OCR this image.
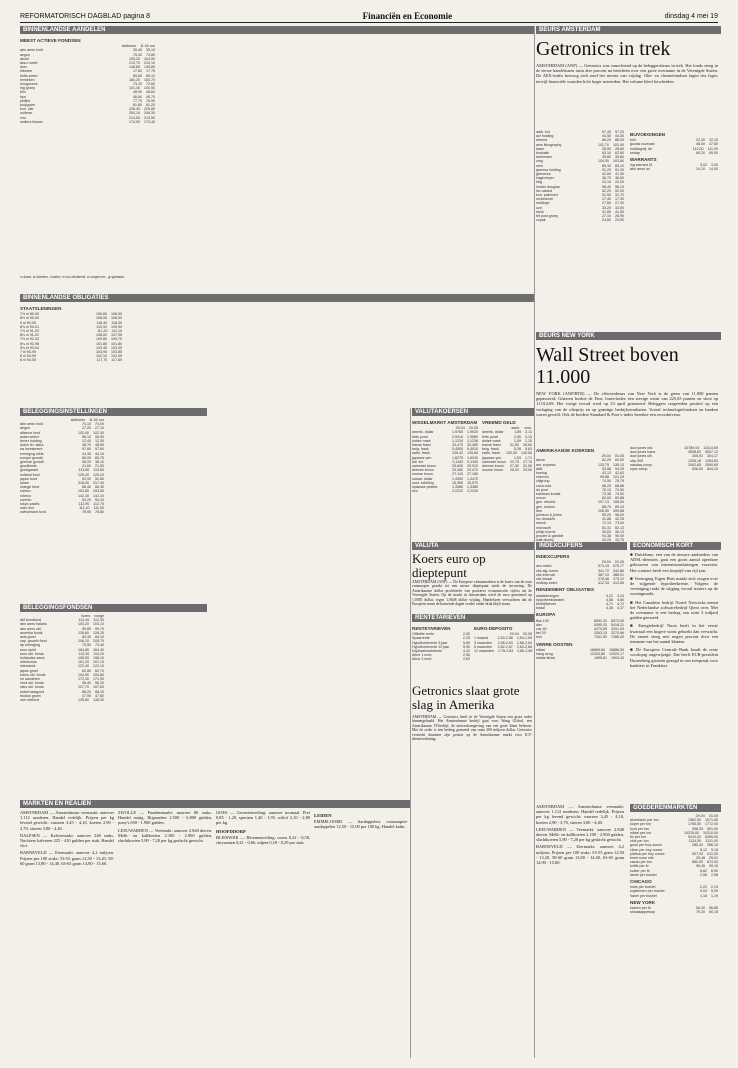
REFORMATORISCH DAGBLAD pagina 8	Financiën en Economie	dinsdag 4 mei 19
BINNENLANDSE AANDELEN
MEEST ACTIEVE FONDSEN
slotkoers 11.00 uur
abn amro hold	35,40 35,10
aegon	75,30 74,80
ahold	105,20 104,90
akzo nobel	210,70 210,10
dsm	146,60 145,80
elsevier	17,82 17,75
fortis amev	89,80 89,10
heineken	184,20 183,70
hoogovens	73,10 72,60
ing groep	101,40 100,90
klm	48,90 48,60
kpn	46,80 46,70
philips	77,70 76,90
polygram	81,60 81,20
kon. olie	226,40 225,80
unilever	250,10 249,30
vnu	214,50 213,90
wolters kluwer	174,00 173,40
x=kare, b=bieden, l=laten, e=ex-dividend, o=ongecorr., g=gedaan.
BINNENLANDSE OBLIGATIES
STAATSLENINGEN
7½ nl 89-00	106,60 106,50
8½ nl 90-00	108,95 108,90
9 nl 90-05	118,40 118,30
8¾ nl 90-01	110,00 109,90
7¾ nl 91-03	111,20 111,10
8¼ nl 91-01	108,00 107,95
7½ nl 92-02	109,80 109,70
6¼ nl 93-98	101,85 101,80
5¾ nl 93-04	103,40 103,30
7 nl 93-99	103,90 103,85
6 nl 94-99	102,10 102,05
8 nl 94-05	117,70 117,60
BELEGGINGSINSTELLINGEN
slotkoers 11.00 uur
abn amro hold	74,10 74,00
aegon	27,20 27,10
alliance fund	102,40 102,30
asian select	56,10 55,90
bever holding	12,40 12,30
dutch fin. stars	48,70 48,60
ea investment	97,80 97,60
emerging mkts	44,30 44,10
europe growth	65,90 65,70
german growth	38,20 38,10
goudfonds	21,60 21,50
groeigarant	113,80 113,60
holland fund	125,40 125,20
japan fund	52,90 52,80
obam	318,00 317,40
orange fund	66,40 66,30
rolinco	153,80 153,50
robeco	142,30 142,10
rorento	94,20 94,10
tokyo pacific	112,90 112,70
vast ned	111,10 111,00
zwitserland fund	78,90 78,80
BELEGGINGSFONDSEN
koers vorige
abf bondfund	112,40 112,30
abn amro balans	103,20 103,10
abn amro obl.	99,80 99,70
amerika fonds	128,60 128,20
asia groei	84,30 84,10
cap. growth fund	206,10 205,70
dp emerging	73,50 73,40
euro spirit	164,80 164,40
euro obl. fonds	110,30 110,20
hollandse aand.	198,50 198,10
interbonds	101,20 101,10
interstock	122,40 122,10
japan groei	62,80 62,70
mees obl. fonds	104,90 104,80
nn aandelen	172,30 171,90
ohra obl. fonds	96,40 96,30
rabo obl. fonds	107,70 107,60
snsbf vastgoed	88,20 88,10
triodos groen	47,90 47,80
vsb mixfund	135,60 135,30
MARKTEN EN REALIEN

AMSTERDAM — Amsterdamse veemarkt: aanvoer 1.112 runderen. Handel redelijk. Prijzen per kg levend gewicht: vaarzen 3,45 - 4,10, koeien 2,90 - 3,70, stieren 3,80 - 4,40.

DALFSEN — Kalvermarkt: aanvoer 248 stuks. Nuchtere kalveren 225 - 410 gulden per stuk. Handel vlot.

BARNEVELD — Eiermarkt: aanvoer 4,2 miljoen. Prijzen per 100 stuks: 53-55 gram 12,50 - 13,20, 58-60 gram 13,80 - 14,40, 63-65 gram 14,90 - 15,60.

ZWOLLE — Paardenmarkt: aanvoer 86 stuks. Handel matig. Rijpaarden 2.500 - 6.800 gulden, pony's 650 - 1.900 gulden.

LEEUWARDEN — Veemarkt: aanvoer 2.840 dieren. Melk- en kalfkoeien 2.100 - 2.900 gulden, slachtkoeien 5,80 - 7,20 per kg geslacht gewicht.

GOES — Groentenveiling: aanvoer normaal. Prei 0,85 - 1,20, spruiten 1,40 - 1,95, witlof 2,10 - 2,80 per kg.

HOOFDDORP

BLEISWIJK — Bloemenveiling: rozen 0,32 - 0,58, chrysanten 0,41 - 0,66, tulpen 0,18 - 0,29 per stuk.

LEIDEN

EMMELOORD — Aardappelen: consumptie-aardappelen 12,50 - 15,00 per 100 kg. Handel kalm.

VALUTAKOERSEN
WISSELMARKT AMSTERDAM
29-04 03-05
amerik. dollar	1,9765 1,9920
brits pond	2,9410 2,9580
duitse mark	1,1234 1,1236
franse franc	33,475 33,480
belg. frank	5,4505 5,4510
zwits. frank	135,42 135,60
japanse yen	1,6275 1,6340
ital. lire	0,1162 0,1163
zweedse kroon	25,840 25,910
deense kroon	29,460 29,470
noorse kroon	27,110 27,180
canad. dollar	1,4390 1,4470
oost. schilling	15,969 15,970
spaanse peseta	1,3380 1,3385
ecu	2,2212 2,2230
VREEMD GELD
aank. verk.
amerik. dollar	1,89 2,11
brits pond	2,80 3,13
duitse mark	1,09 1,15
franse franc	31,50 35,50
belg. frank	5,28 5,63
zwits. frank	130,00 140,50
japanse yen	1,53 1,71
zweedse kroon 22,75 27,75
deense kroon	27,50 31,50
noorse kroon	25,00 29,00
VALUTA
Koers euro op dieptepunt
AMSTERDAM (ANP) — De Europese valutamarkten is de koers van de euro vanmorgen gezakt tot een nieuw dieptepunt sinds de invoering. De Amerikaanse dollar profiteerde van positieve economische cijfers uit de Verenigde Staten. Op de markt in Amsterdam werd de euro genoteerd op 1,0585 dollar, tegen 1,0648 dollar vrijdag. Handelaren verwachten dat de Europese munt de komende dagen verder onder druk blijft staan.
RENTETARIEVEN
RENTETARIEVEN
Officiële rente	2,50
Spaarrente	2,25
Hypotheekrente 5 jaar	5,60
Hypotheekrente 10 jaar	5,90
Kapitaalmarktrente	4,42
Aibor 1 mnd	2,55
Aibor 3 mnd	2,62
EURO-DEPOSITO
29-04 03-05
1 maand	2,53-2,58 2,54-2,59
3 maanden	2,58-2,63 2,58-2,63
6 maanden	2,62-2,67 2,63-2,68
12 maanden 2,78-2,83 2,80-2,85
Getronics slaat grote slag in Amerika
AMSTERDAM — Getronics heeft in de Verenigde Staten een grote order binnengehaald. Het Amsterdamse bedrijf gaat voor Wang Global, een Amerikaanse IT-bedrijf, de netwerkomgeving van een grote klant beheren. Met de order is een bedrag gemoeid van ruim 200 miljoen dollar. Getronics versterkt daarmee zijn positie op de Amerikaanse markt voor ICT-dienstverlening.
BEURS AMSTERDAM
Getronics in trek
AMSTERDAM (ANP) — Getronics was vanochtend op de beleggersbeurs in trek. Het fonds steeg in de eerste handelsuren ruim drie procent na berichten over een grote overname in de Verenigde Staten. De AEX-index bewoog zich rond het niveau van vrijdag. Olie- en chemiefondsen lagen iets lager, terwijl financiële waarden licht hoger noteerden. Het volume bleef bescheiden.
aalb. ind.	57,40 57,20
acf holding	44,50 44,30
ahrend	86,20 86,00
asm lithography	102,70 101,90
baan	28,90 28,60
boskalis	63,10 62,80
buhrmann	39,80 39,60
cmg	104,50 103,80
csm	89,30 89,10
gamma holding	91,20 91,00
getronics	42,60 41,30
hagemeyer	36,70 36,50
hbg	22,10 22,00
hunter douglas	98,40 98,10
ihc caland	52,20 52,00
kon. pakhoed	31,90 31,70
mckechnie	17,40 17,30
nedlloyd	27,60 27,40
oce	33,20 33,00
stork	41,80 41,50
tnt post groep	27,10 26,90
vopak	24,60 24,50
BIJVOEGINGEN
brill	22,30 22,10
gouda vuurvast	48,00 47,50
holdingmij. de	112,00 111,00
nedap	69,20 69,00
WARRANTS
ing warrant 01	3,02 3,00
abn amro wt	14,10 14,00
BEURS NEW YORK
Wall Street boven 11.000
NEW YORK (ANP/RTR) — De effectenbeurs van New York is de grens van 11.000 punten gepasseerd. Gisteren boekte de Dow Jones-index een stevige winst van 225,65 punten en sloot op 11.014,69. Het vorige record werd op 23 april genoteerd. Beleggers reageerden positief op een verlaging van de olieprijs en op gunstige bedrijfsresultaten. Vooral technologiefondsen en banken waren gewild. Ook de bredere Standard & Poor's-index bereikte een recordniveau.
AMERIKAANSE KOERSEN
29-04 03-05
alcoa	62,25 63,50
am. express	133,75 135,13
at&t	53,88 54,25
boeing	42,13 42,63
chevron	99,88 101,25
citigroup	74,50 75,75
coca cola	68,25 68,88
du pont	70,13 70,50
eastman kodak	73,38 74,00
exxon	82,63 83,88
gen. electric	107,13 108,50
gen. motors	88,75 89,13
ibm	206,50 209,88
johnson & johns.	95,25 96,00
mc donald's	41,88 42,25
merck	72,13 73,00
microsoft	81,31 82,13
philip morris	35,63 36,13
procter & gamble	94,38 95,00
walt disney	33,25 33,75
dow jones ind.	10789,04 11014,69
dow jones trans.	3508,63 3537,12
dow jones util.	305,91 304,17
s&p 500	1335,18 1354,63
nasdaq comp.	2542,85 2590,69
nyse comp.	636,50 644,19
INDEXCIJFERS
INDEXCIJFERS
29-04 03-05
aex-index	573,15 575,77
cbs alg. koers	341,72 342,86
cbs internat.	387,19 388,91
cbs lokaal	278,46 279,12
midkap-index	412,33 413,85
RENDEMENT OBLIGATIES
staatsleningen	4,22 4,24
hypotheekbanken	4,58 4,60
bedrijfsleven	4,71 4,72
totaal	4,35 4,37
EUROPA
ftse 100	6552,20 6573,90
dax	5395,33 5418,21
cac 40	4270,69 4291,05
bel 20	3263,15 3270,66
smi	7341,90 7368,40
VERRE OOSTEN
nikkei	16869,84 16886,59
hang seng	12433,85 12520,17
straits times	1895,81 1903,40
ECONOMISCH KORT

■ Dutchbase, een van de nieuwe aanbieders van ADSL-diensten, gaat een groot aantal openbare gebouwen van internetaansluitingen voorzien. Het contract heeft een looptijd van vijf jaar.

■ Vereniging Eigen Huis maakt zich zorgen over de stijgende hypotheekrente. Volgens de vereniging raakt de stijging vooral starters op de woningmarkt.

■ Het Canadese bedrijf Nortel Networks neemt het Nederlandse softwarebedrijf Qtera over. Met de overname is een bedrag van ruim 3 miljard gulden gemoeid.

■ Energiebedrijf Nuon heeft in het eerste kwartaal een hogere winst geboekt dan verwacht. De omzet steeg met negen procent door een toename van het aantal klanten.

■ De Europese Centrale Bank houdt de rente voorlopig ongewijzigd. Dat heeft ECB-president Duisenberg gisteren gezegd in een toespraak voor bankiers in Frankfurt.

AMSTERDAM — Amsterdamse veemarkt: aanvoer 1.112 runderen. Handel redelijk. Prijzen per kg levend gewicht: vaarzen 3,45 - 4,10, koeien 2,90 - 3,70, stieren 3,80 - 4,40.

LEEUWARDEN — Veemarkt: aanvoer 2.840 dieren. Melk- en kalfkoeien 2.100 - 2.900 gulden, slachtkoeien 5,80 - 7,20 per kg geslacht gewicht.

BARNEVELD — Eiermarkt: aanvoer 4,2 miljoen. Prijzen per 100 stuks: 53-55 gram 12,50 - 13,20, 58-60 gram 13,80 - 14,40, 63-65 gram 14,90 - 15,60.

GOEDERENMARKTEN
29-04 03-05
aluminium per ton	1562,00 1571,50
koper per ton	1765,50 1772,00
lood per ton	498,25 501,00
nikkel per ton	10225,00 10310,00
tin per ton	5410,00 5395,00
zink per ton	1124,50 1131,00
goud per troy ounce	285,30 286,10
zilver per troy ounce	5,12 5,15
platina per troy ounce	507,00 511,00
brent ruwe olie	25,48 25,91
cacao per ton	880,00 874,00
koffie per lb	98,45 99,10
suiker per lb	6,82 6,90
tarwe per bushel	2,56 2,58
CHICAGO
mais per bushel	2,22 2,24
sojabonen per bushel	5,04 5,09
haver per bushel	1,18 1,19
NEW YORK
katoen per lb	56,30 56,85
sinaasappelsap	79,20 80,15
